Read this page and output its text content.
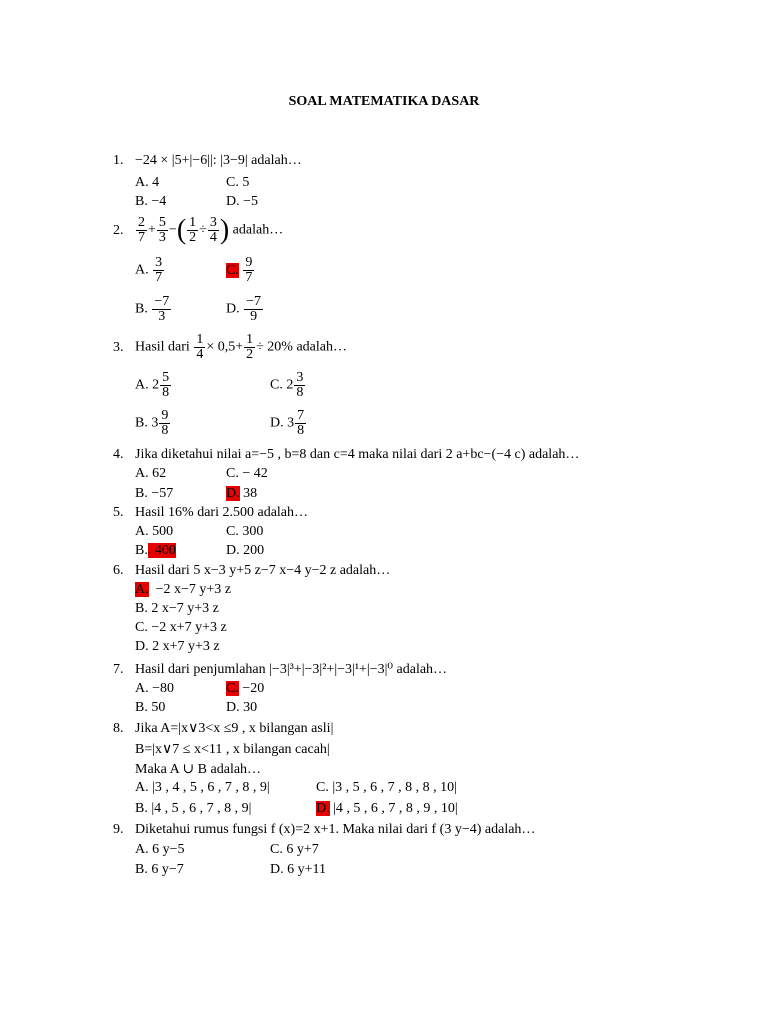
SOAL MATEMATIKA DASAR
1. −24 × |5+|−6||: |3−9| adalah…
A. 4	C. 5
B. −4	D. −5
2. $\frac{2}{7} + \frac{5}{3}$ −( $\frac{1}{2} \div \frac{3}{4}$ ) adalah…
A. $\frac{3}{7}$	C. $\frac{9}{7}$
B. $\frac{-7}{3}$	D. $\frac{-7}{9}$
3. Hasil dari $\frac{1}{4} \times 0,5+ \frac{1}{2} \div 20\%$ adalah…
A. $2 \frac{5}{8}$	C. $2 \frac{3}{8}$
B. $3 \frac{9}{8}$	D. $3 \frac{7}{8}$
4. Jika diketahui nilai a=−5 , b=8 dan c=4 maka nilai dari 2 a+bc−(−4 c) adalah…
A. 62	C. − 42
B. −57	D. 38
5. Hasil 16% dari 2.500 adalah…
A. 500	C. 300
B.. 400	D. 200
6. Hasil dari 5 x−3 y+5 z−7 x−4 y−2 z adalah…
A. −2 x−7 y+3 z
B. 2 x−7 y+3 z
C. −2 x+7 y+3 z
D. 2 x+7 y+3 z
7. Hasil dari penjumlahan |−3|³+|−3|²+|−3|¹+|−3|⁰ adalah…
A. −80	C. −20
B. 50	D. 30
8. Jika A=|x∨3<x ≤9 , x bilangan asli|
B=|x∨7 ≤ x<11 , x bilangan cacah|
Maka A ∪ B adalah…
A. |3 , 4 , 5 , 6 , 7 , 8 , 9|	C. |3 , 5 , 6 , 7 , 8 , 8 , 10|
B. |4 , 5 , 6 , 7 , 8 , 9|	D. |4 , 5 , 6 , 7 , 8 , 9 , 10|
9. Diketahui rumus fungsi f (x)=2 x+1. Maka nilai dari f (3 y−4) adalah…
A. 6 y−5	C. 6 y+7
B. 6 y−7	D. 6 y+11
